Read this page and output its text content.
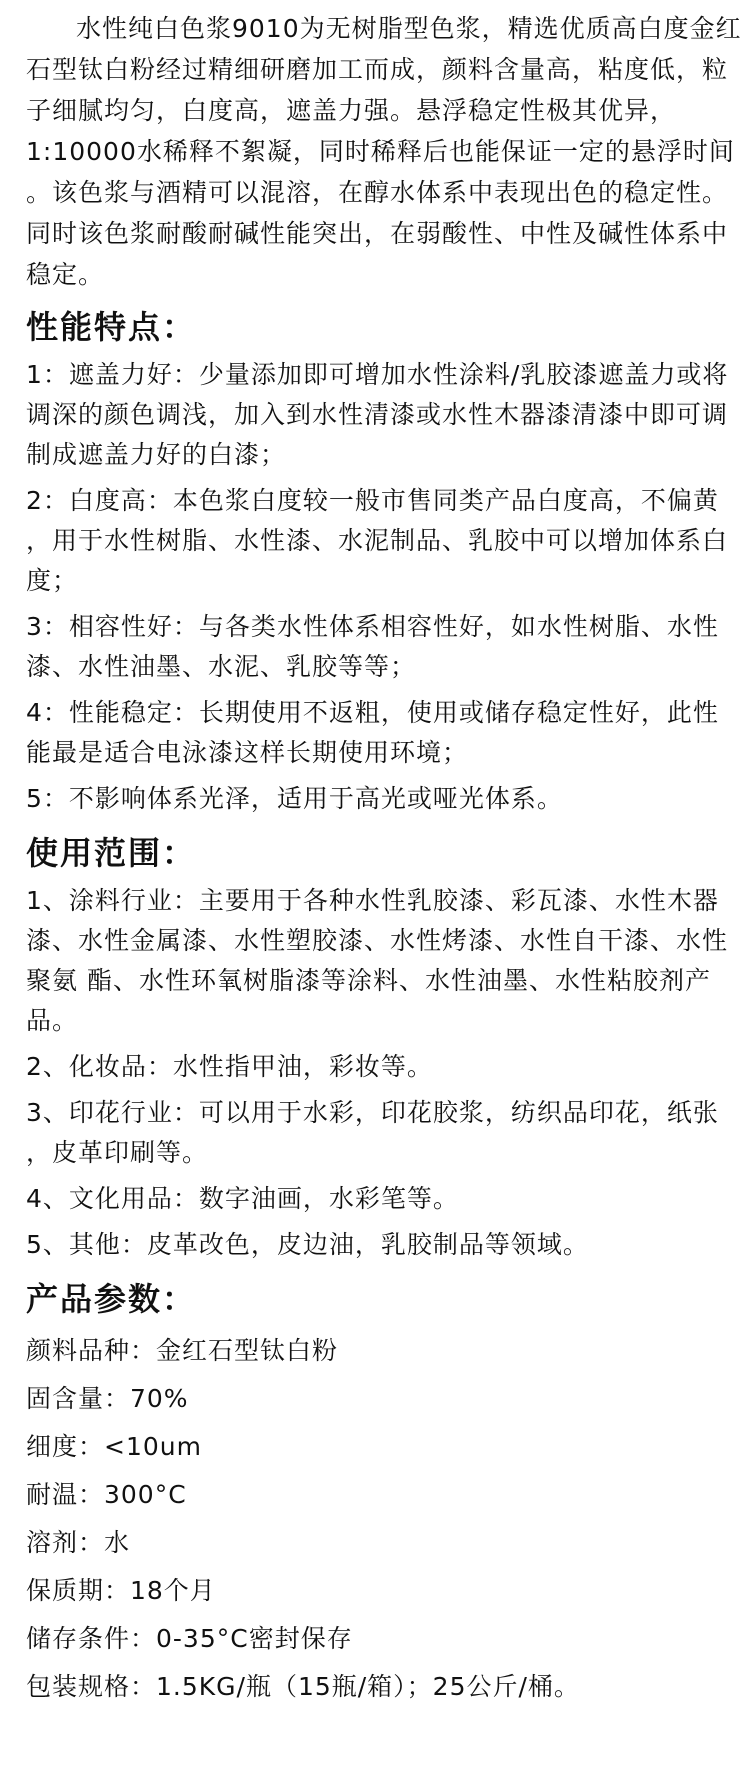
水性纯白色浆9010为无树脂型色浆，精选优质高白度金红

石型钛白粉经过精细研磨加工而成，颜料含量高，粘度低，粒

子细腻均匀，白度高，遮盖力强。悬浮稳定性极其优异，

1:10000水稀释不絮凝，同时稀释后也能保证一定的悬浮时间

。该色浆与酒精可以混溶，在醇水体系中表现出色的稳定性。

同时该色浆耐酸耐碱性能突出，在弱酸性、中性及碱性体系中

稳定。

性能特点：
1：遮盖力好：少量添加即可增加水性涂料/乳胶漆遮盖力或将
调深的颜色调浅，加入到水性清漆或水性木器漆清漆中即可调
制成遮盖力好的白漆；
2：白度高：本色浆白度较一般市售同类产品白度高，不偏黄
，用于水性树脂、水性漆、水泥制品、乳胶中可以增加体系白
度；
3：相容性好：与各类水性体系相容性好，如水性树脂、水性
漆、水性油墨、水泥、乳胶等等；
4：性能稳定：长期使用不返粗，使用或储存稳定性好，此性
能最是适合电泳漆这样长期使用环境；
5：不影响体系光泽，适用于高光或哑光体系。
使用范围：
1、涂料行业：主要用于各种水性乳胶漆、彩瓦漆、水性木器
漆、水性金属漆、水性塑胶漆、水性烤漆、水性自干漆、水性
聚氨 酯、水性环氧树脂漆等涂料、水性油墨、水性粘胶剂产
品。
2、化妆品：水性指甲油，彩妆等。
3、印花行业：可以用于水彩，印花胶浆，纺织品印花，纸张
，皮革印刷等。
4、文化用品：数字油画，水彩笔等。
5、其他：皮革改色，皮边油，乳胶制品等领域。
产品参数：

颜料品种：金红石型钛白粉

固含量：70%

细度：<10um

耐温：300°C

溶剂：水

保质期：18个月

储存条件：0-35°C密封保存

包装规格：1.5KG/瓶（15瓶/箱）；25公斤/桶。
